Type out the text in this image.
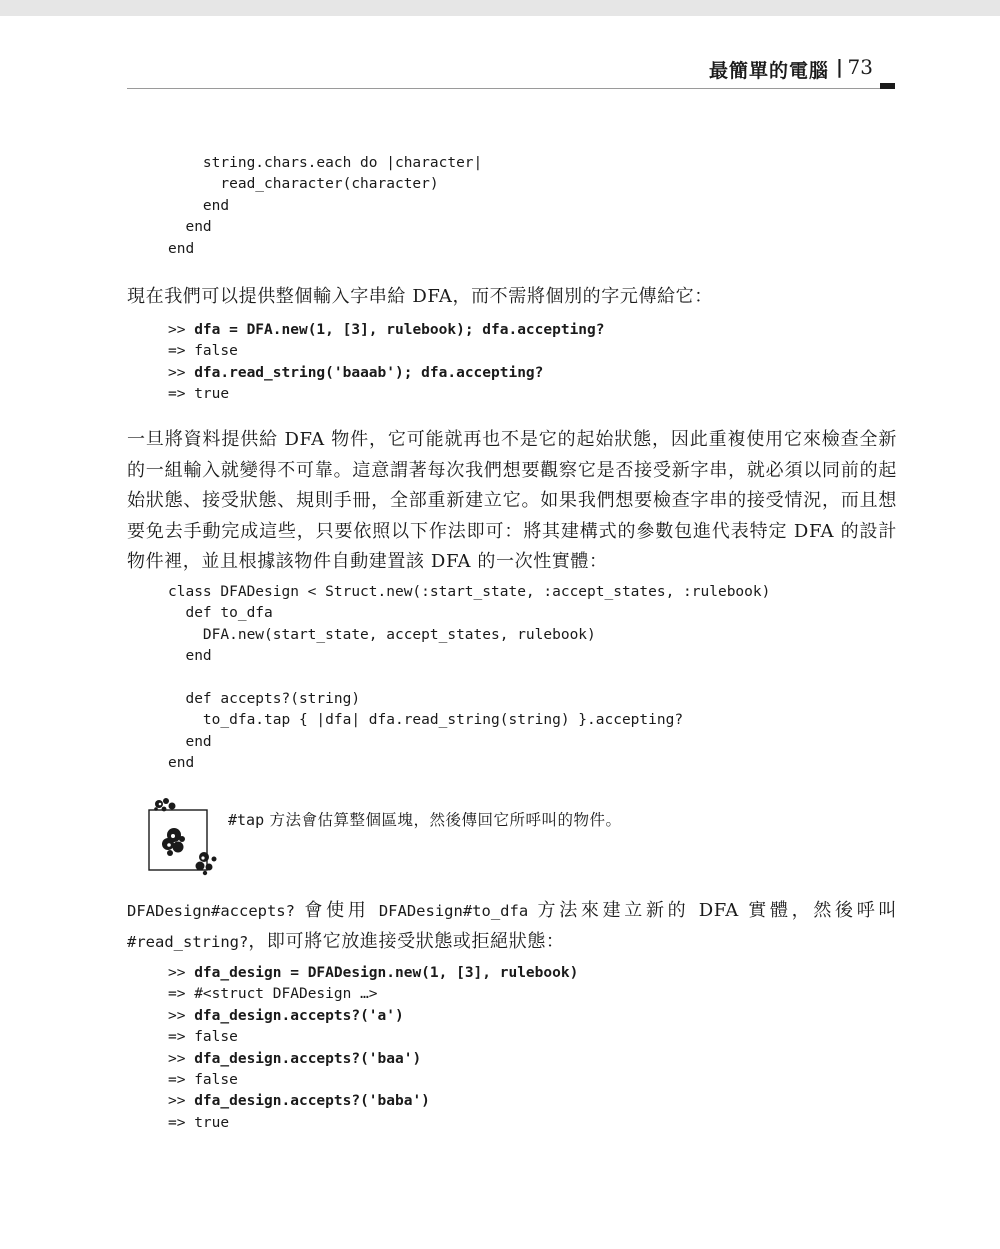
最簡單的電腦 | 73
string.chars.each do |character|
read_character(character)
end
end
end

現在我們可以提供整個輸入字串給 DFA，而不需將個別的字元傳給它：

>> dfa = DFA.new(1, [3], rulebook); dfa.accepting?
=> false
>> dfa.read_string('baaab'); dfa.accepting?
=> true

一旦將資料提供給 DFA 物件，它可能就再也不是它的起始狀態，因此重複使用它來檢查全新的一組輸入就變得不可靠。這意謂著每次我們想要觀察它是否接受新字串，就必須以同前的起始狀態、接受狀態、規則手冊，全部重新建立它。如果我們想要檢查字串的接受情況，而且想要免去手動完成這些，只要依照以下作法即可：將其建構式的參數包進代表特定 DFA 的設計物件裡，並且根據該物件自動建置該 DFA 的一次性實體：

class DFADesign < Struct.new(:start_state, :accept_states, :rulebook)
def to_dfa
DFA.new(start_state, accept_states, rulebook)
end

def accepts?(string)
to_dfa.tap { |dfa| dfa.read_string(string) }.accepting?
end
end

#tap 方法會估算整個區塊，然後傳回它所呼叫的物件。

DFADesign#accepts? 會使用 DFADesign#to_dfa 方法來建立新的 DFA 實體，然後呼叫 #read_string?，即可將它放進接受狀態或拒絕狀態：

>> dfa_design = DFADesign.new(1, [3], rulebook)
=> #<struct DFADesign …>
>> dfa_design.accepts?('a')
=> false
>> dfa_design.accepts?('baa')
=> false
>> dfa_design.accepts?('baba')
=> true
